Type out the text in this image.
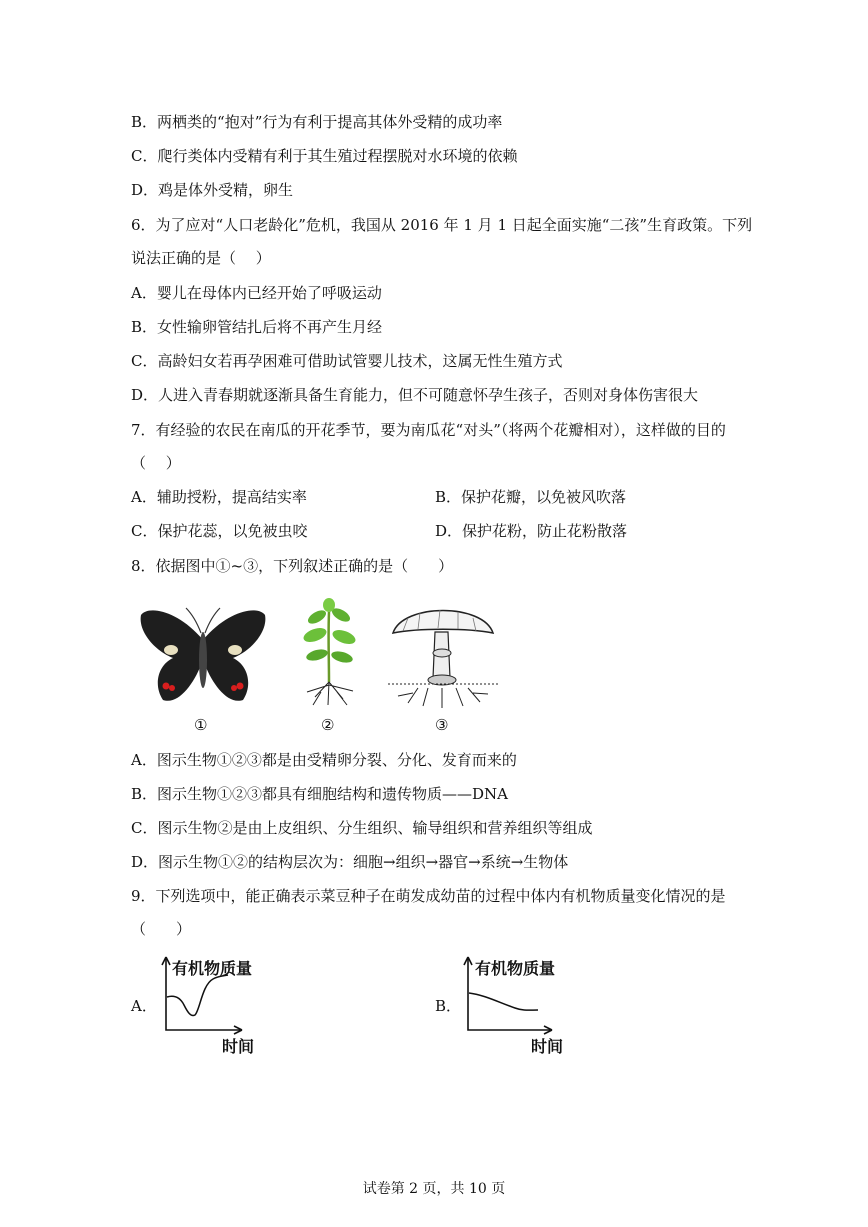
B．两栖类的“抱对”行为有利于提高其体外受精的成功率
C．爬行类体内受精有利于其生殖过程摆脱对水环境的依赖
D．鸡是体外受精，卵生
6．为了应对“人口老龄化”危机，我国从 2016 年 1 月 1 日起全面实施“二孩”生育政策。下列
说法正确的是（　 ）
A．婴儿在母体内已经开始了呼吸运动
B．女性输卵管结扎后将不再产生月经
C．高龄妇女若再孕困难可借助试管婴儿技术，这属无性生殖方式
D．人进入青春期就逐渐具备生育能力，但不可随意怀孕生孩子，否则对身体伤害很大
7．有经验的农民在南瓜的开花季节，要为南瓜花“对头”（将两个花瓣相对），这样做的目的
（　 ）
A．辅助授粉，提高结实率	B．保护花瓣，以免被风吹落
C．保护花蕊，以免被虫咬	D．保护花粉，防止花粉散落
8．依据图中①~③，下列叙述正确的是（　　）
①	②	③
A．图示生物①②③都是由受精卵分裂、分化、发育而来的
B．图示生物①②③都具有细胞结构和遗传物质——DNA
C．图示生物②是由上皮组织、分生组织、输导组织和营养组织等组成
D．图示生物①②的结构层次为：细胞→组织→器官→系统→生物体
9．下列选项中，能正确表示菜豆种子在萌发成幼苗的过程中体内有机物质量变化情况的是
（　　）
A．
有机物质量
时间
B．
有机物质量
时间
试卷第 2 页，共 10 页
